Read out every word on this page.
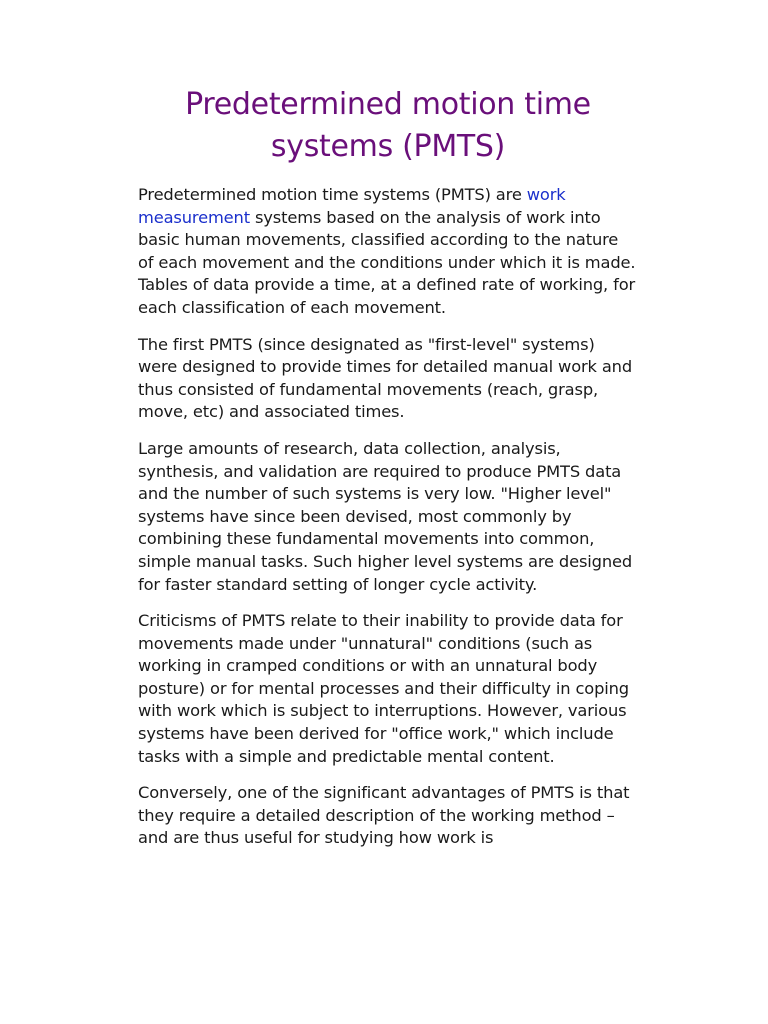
Predetermined motion time
systems (PMTS)

Predetermined motion time systems (PMTS) are work measurement systems based on the analysis of work into basic human movements, classified according to the nature of each movement and the conditions under which it is made. Tables of data provide a time, at a defined rate of working, for each classification of each movement.

The first PMTS (since designated as "first-level" systems) were designed to provide times for detailed manual work and thus consisted of fundamental movements (reach, grasp, move, etc) and associated times.

Large amounts of research, data collection, analysis, synthesis, and validation are required to produce PMTS data and the number of such systems is very low. "Higher level" systems have since been devised, most commonly by combining these fundamental movements into common, simple manual tasks. Such higher level systems are designed for faster standard setting of longer cycle activity.

Criticisms of PMTS relate to their inability to provide data for movements made under "unnatural" conditions (such as working in cramped conditions or with an unnatural body posture) or for mental processes and their difficulty in coping with work which is subject to interruptions. However, various systems have been derived for "office work," which include tasks with a simple and predictable mental content.

Conversely, one of the significant advantages of PMTS is that they require a detailed description of the working method – and are thus useful for studying how work is
